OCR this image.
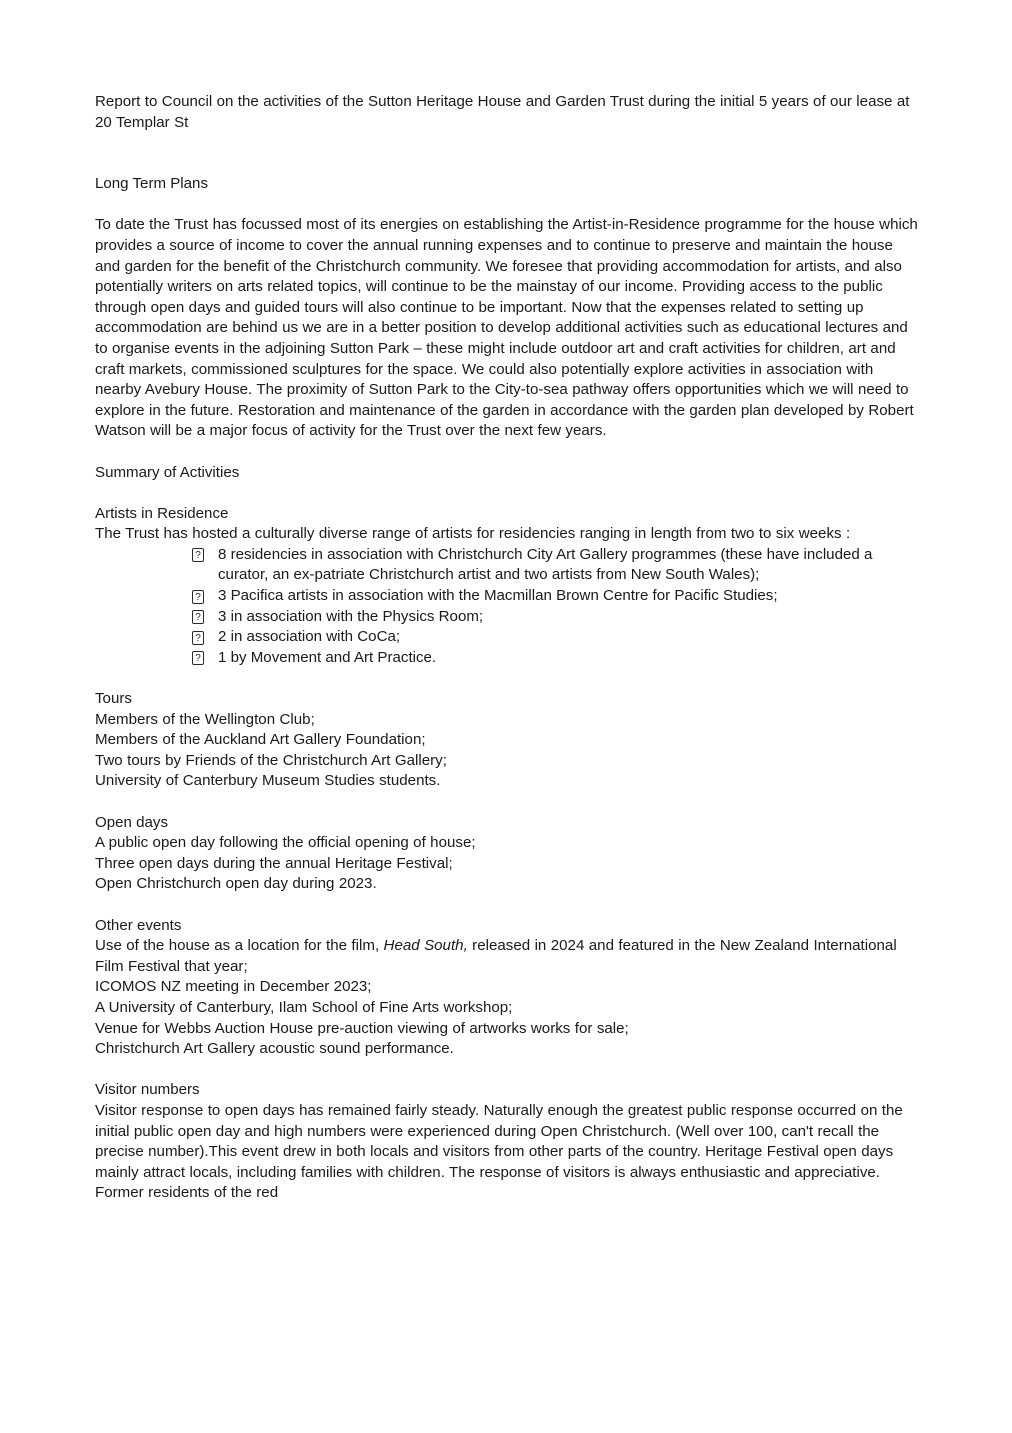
Report to Council on the activities of the Sutton Heritage House and Garden Trust during the initial 5 years of our lease at 20 Templar St

Long Term Plans

To date the Trust has focussed most of its energies on establishing the Artist-in-Residence programme for the house which provides a source of income to cover the annual running expenses and to continue to preserve and maintain the house and garden for the benefit of the Christchurch community. We foresee that providing accommodation for artists, and also potentially writers on arts related topics, will continue to be the mainstay of our income. Providing access to the public through open days and guided tours will also continue to be important. Now that the expenses related to setting up accommodation are behind us we are in a better position to develop additional activities such as educational lectures and to organise events in the adjoining Sutton Park – these might include outdoor art and craft activities for children, art and craft markets, commissioned sculptures for the space. We could also potentially explore activities in association with nearby Avebury House. The proximity of Sutton Park to the City-to-sea pathway offers opportunities which we will need to explore in the future. Restoration and maintenance of the garden in accordance with the garden plan developed by Robert Watson will be a major focus of activity for the Trust over the next few years.

Summary of Activities

Artists in Residence

The Trust has hosted a culturally diverse range of artists for residencies ranging in length from two to six weeks :

? 8 residencies in association with Christchurch City Art Gallery programmes (these have included a curator, an ex-patriate Christchurch artist and two artists from New South Wales);
? 3 Pacifica artists in association with the Macmillan Brown Centre for Pacific Studies;
? 3 in association with the Physics Room;
? 2 in association with CoCa;
? 1 by Movement and Art Practice.

Tours

Members of the Wellington Club;

Members of the Auckland Art Gallery Foundation;

Two tours by Friends of the Christchurch Art Gallery;

University of Canterbury Museum Studies students.

Open days

A public open day following the official opening of house;

Three open days during the annual Heritage Festival;

Open Christchurch open day during 2023.

Other events

Use of the house as a location for the film, Head South, released in 2024 and featured in the New Zealand International Film Festival that year;

ICOMOS NZ meeting in December 2023;

A University of Canterbury, Ilam School of Fine Arts workshop;

Venue for Webbs Auction House pre-auction viewing of artworks works for sale;

Christchurch Art Gallery acoustic sound performance.

Visitor numbers

Visitor response to open days has remained fairly steady. Naturally enough the greatest public response occurred on the initial public open day and high numbers were experienced during Open Christchurch. (Well over 100, can't recall the precise number).This event drew in both locals and visitors from other parts of the country. Heritage Festival open days mainly attract locals, including families with children. The response of visitors is always enthusiastic and appreciative. Former residents of the red
